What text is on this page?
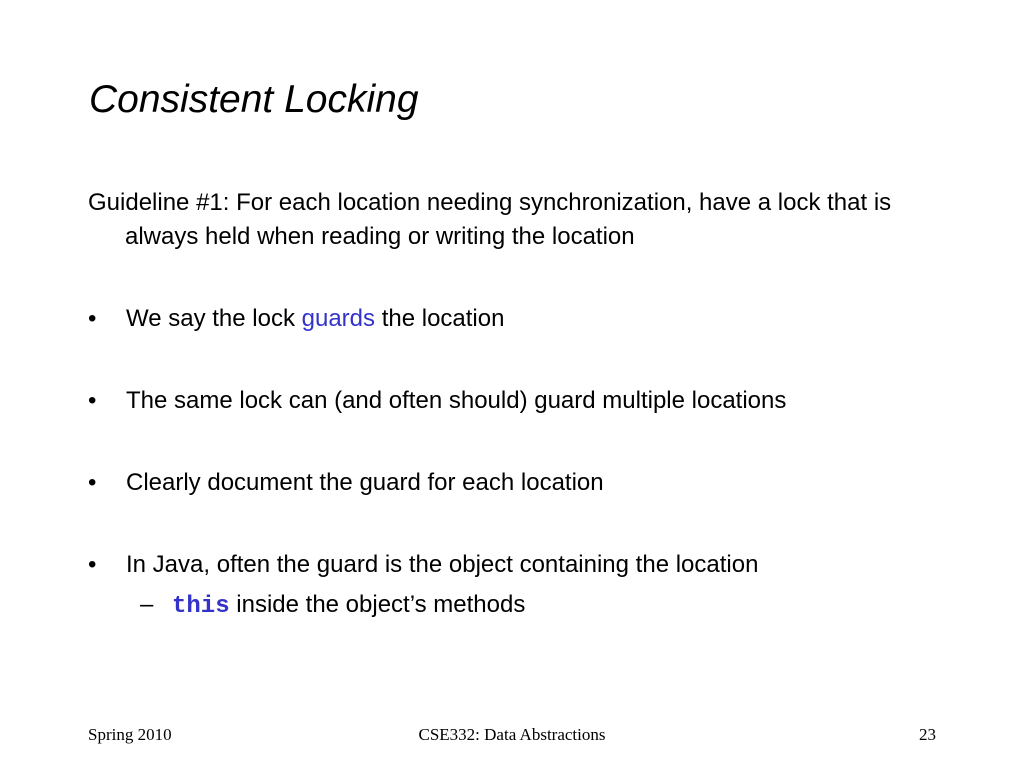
Consistent Locking

Guideline #1: For each location needing synchronization, have a lock that is always held when reading or writing the location

• We say the lock guards the location
• The same lock can (and often should) guard multiple locations
• Clearly document the guard for each location
• In Java, often the guard is the object containing the location
– this inside the object’s methods
Spring 2010	CSE332: Data Abstractions	23
